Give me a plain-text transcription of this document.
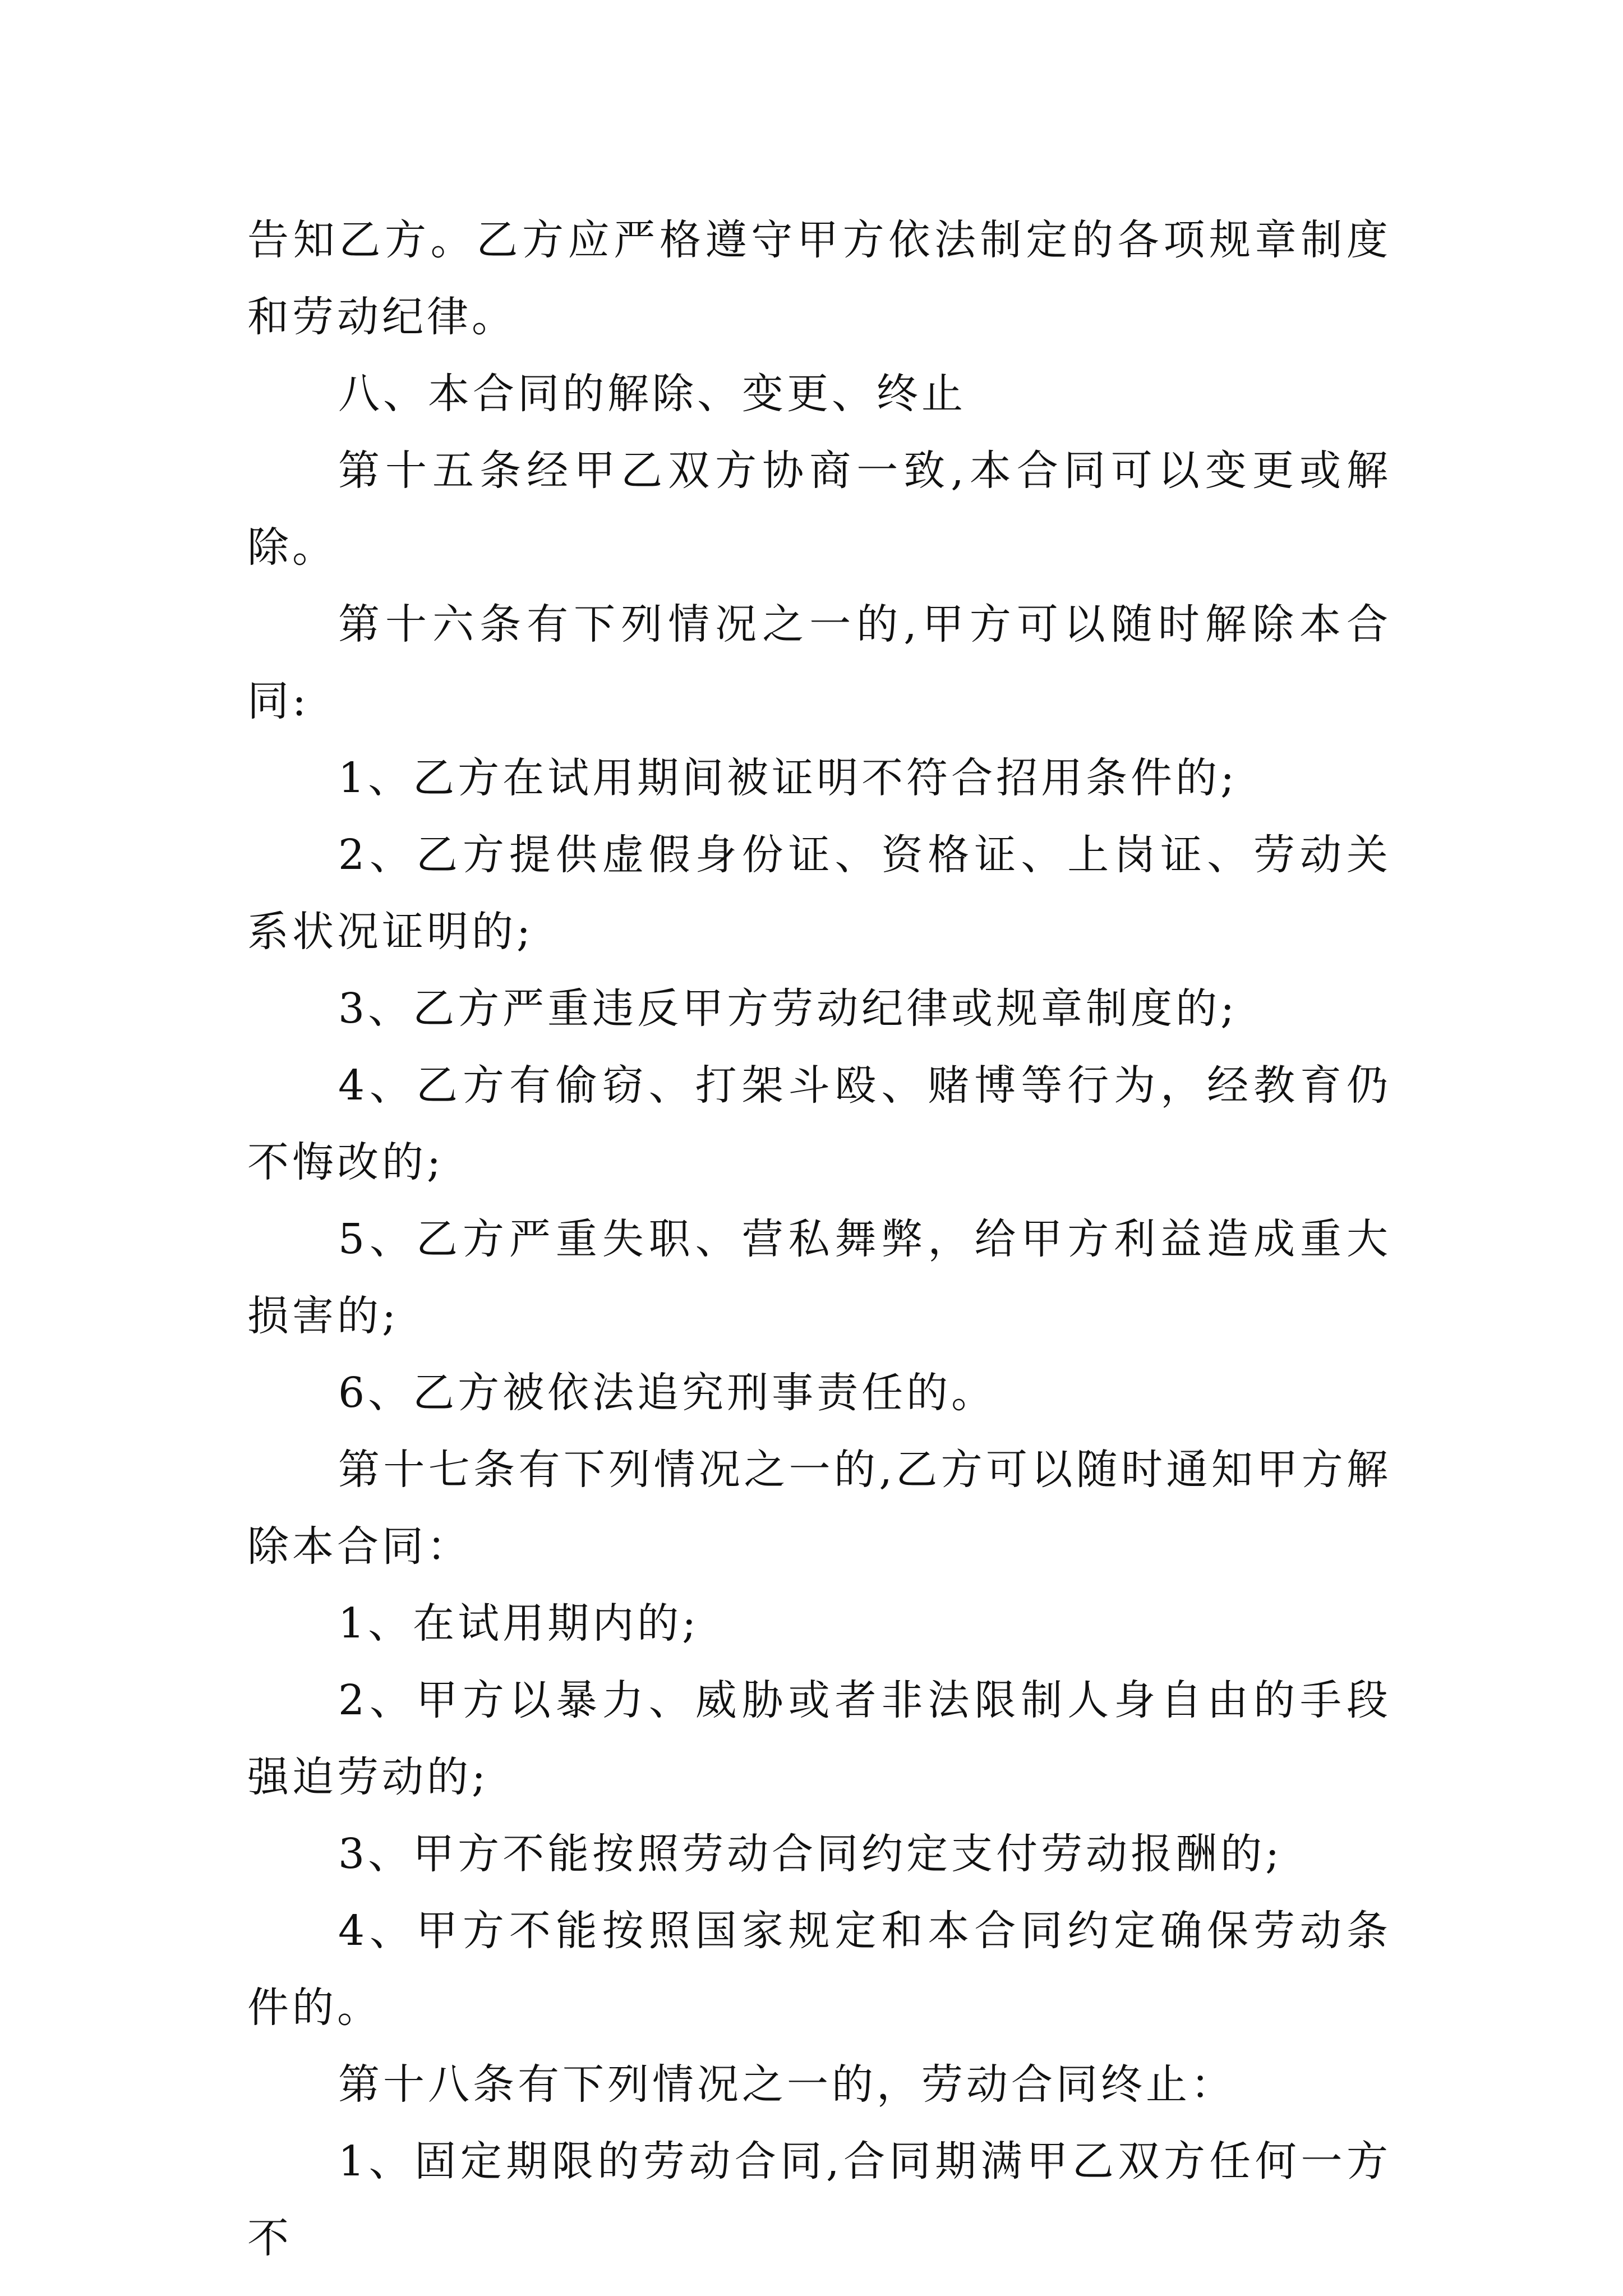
告知乙方。乙方应严格遵守甲方依法制定的各项规章制度和劳动纪律。

八、本合同的解除、变更、终止

第十五条经甲乙双方协商一致,本合同可以变更或解除。

第十六条有下列情况之一的,甲方可以随时解除本合同:

1、乙方在试用期间被证明不符合招用条件的;

2、乙方提供虚假身份证、资格证、上岗证、劳动关系状况证明的;

3、乙方严重违反甲方劳动纪律或规章制度的;

4、乙方有偷窃、打架斗殴、赌博等行为，经教育仍不悔改的;

5、乙方严重失职、营私舞弊，给甲方利益造成重大损害的;

6、乙方被依法追究刑事责任的。

第十七条有下列情况之一的,乙方可以随时通知甲方解除本合同：

1、在试用期内的;

2、甲方以暴力、威胁或者非法限制人身自由的手段强迫劳动的;

3、甲方不能按照劳动合同约定支付劳动报酬的;

4、甲方不能按照国家规定和本合同约定确保劳动条件的。

第十八条有下列情况之一的，劳动合同终止：

1、固定期限的劳动合同,合同期满甲乙双方任何一方不
